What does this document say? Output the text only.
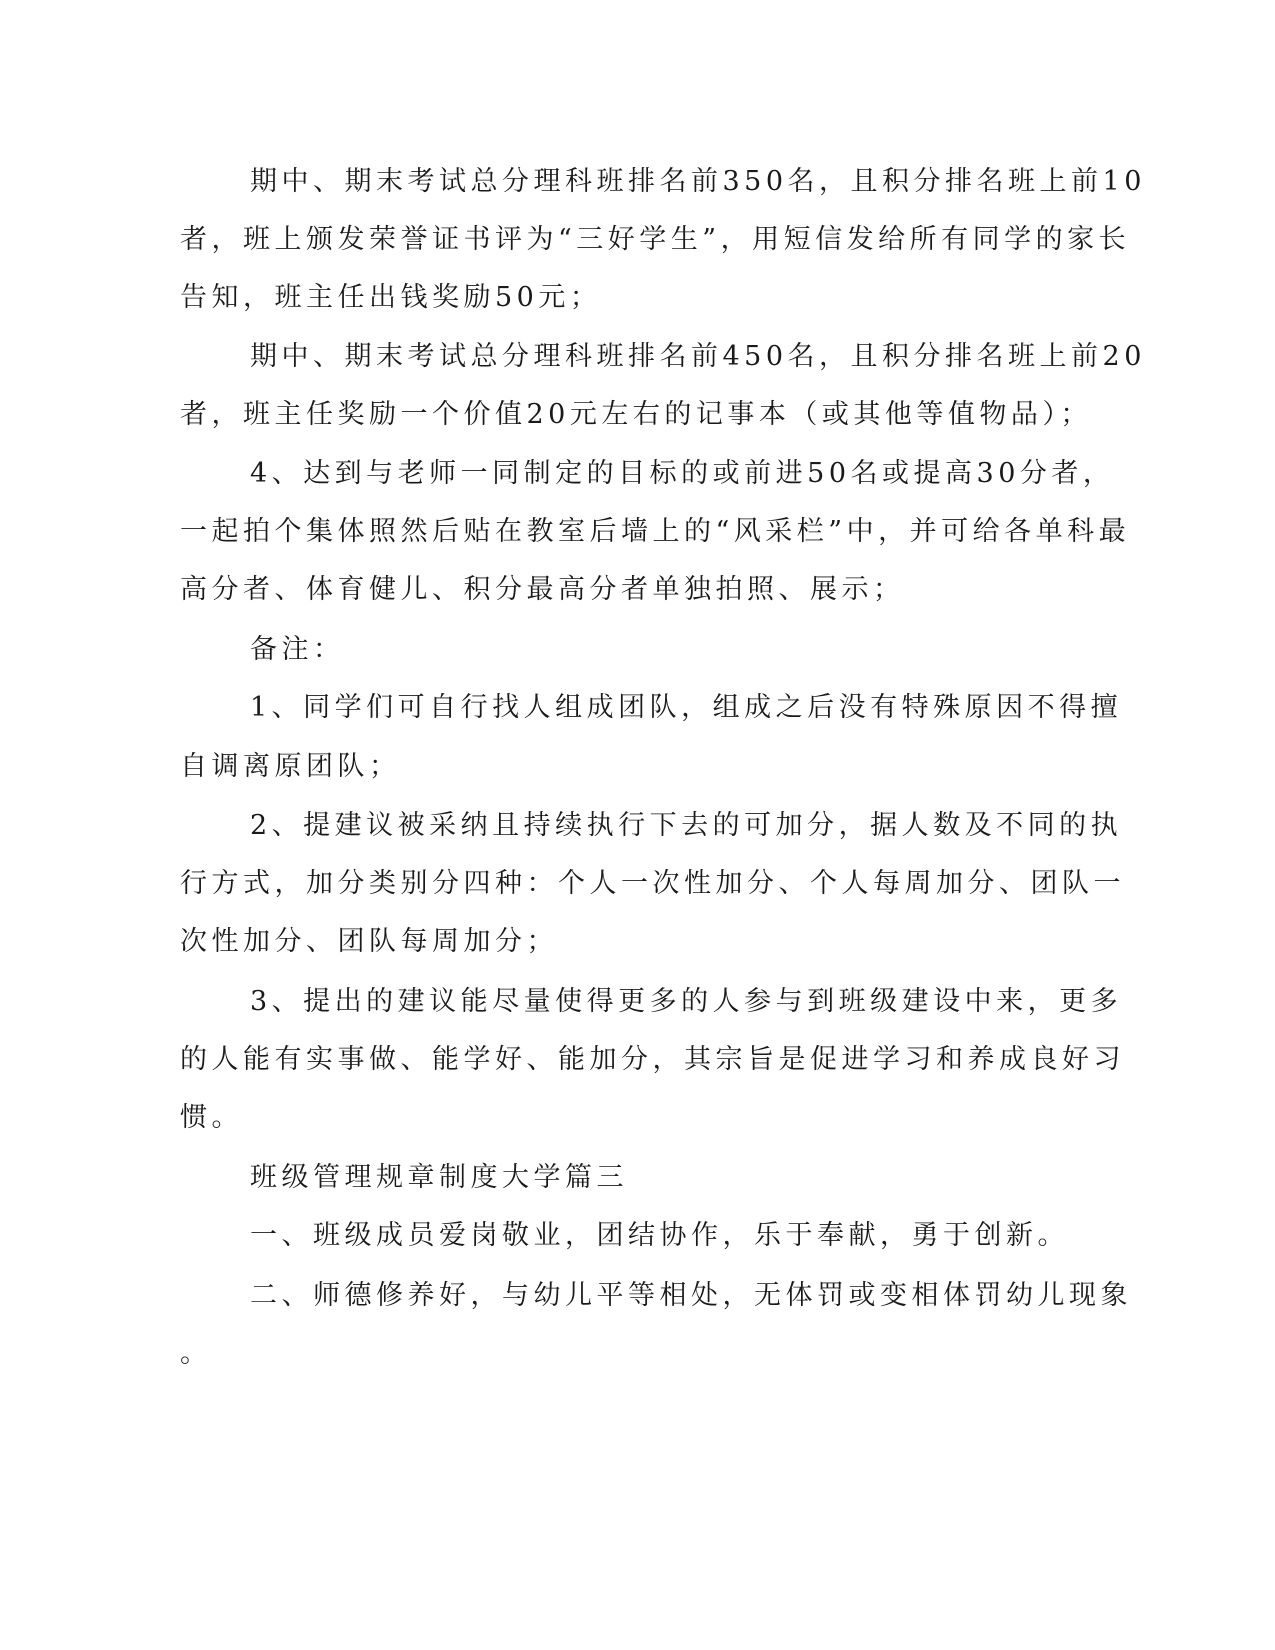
期中、期末考试总分理科班排名前350名，且积分排名班上前10
者，班上颁发荣誉证书评为“三好学生”，用短信发给所有同学的家长
告知，班主任出钱奖励50元；
期中、期末考试总分理科班排名前450名，且积分排名班上前20
者，班主任奖励一个价值20元左右的记事本（或其他等值物品）；
4、达到与老师一同制定的目标的或前进50名或提高30分者，
一起拍个集体照然后贴在教室后墙上的“风采栏”中，并可给各单科最
高分者、体育健儿、积分最高分者单独拍照、展示；
备注：
1、同学们可自行找人组成团队，组成之后没有特殊原因不得擅
自调离原团队；
2、提建议被采纳且持续执行下去的可加分，据人数及不同的执
行方式，加分类别分四种：个人一次性加分、个人每周加分、团队一
次性加分、团队每周加分；
3、提出的建议能尽量使得更多的人参与到班级建设中来，更多
的人能有实事做、能学好、能加分，其宗旨是促进学习和养成良好习
惯。
班级管理规章制度大学篇三
一、班级成员爱岗敬业，团结协作，乐于奉献，勇于创新。
二、师德修养好，与幼儿平等相处，无体罚或变相体罚幼儿现象
。
